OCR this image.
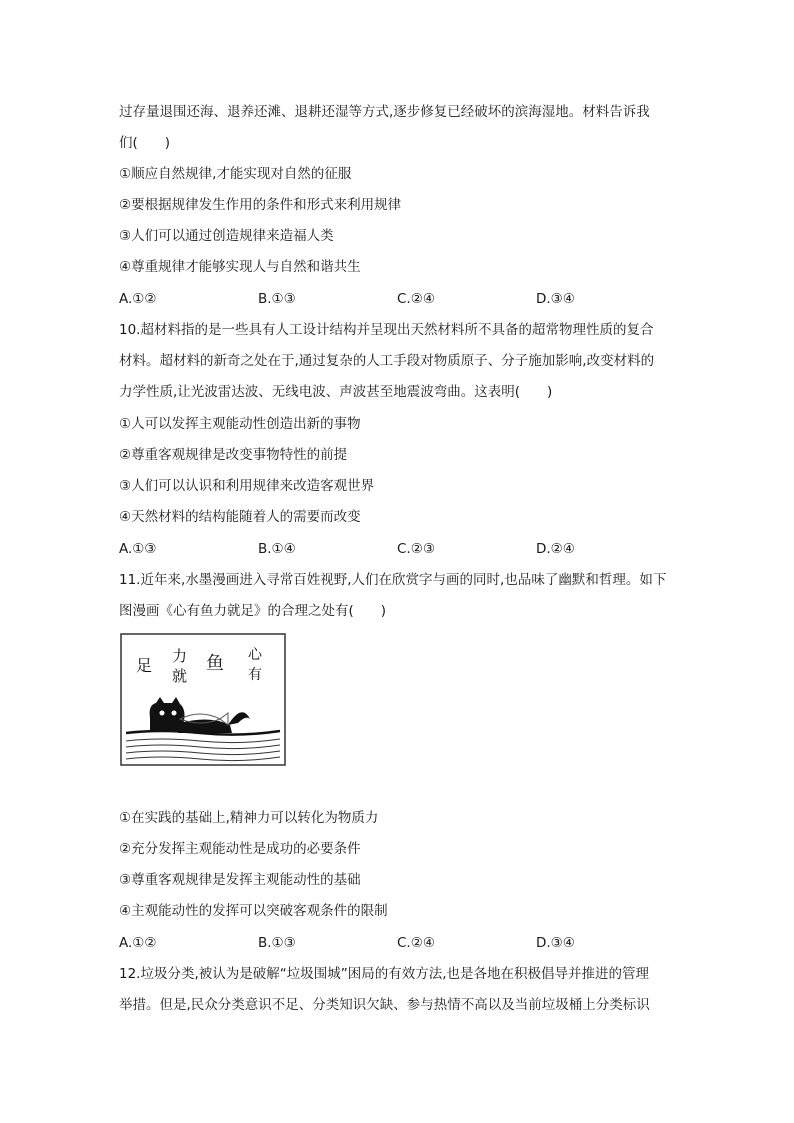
过存量退围还海、退养还滩、退耕还湿等方式,逐步修复已经破坏的滨海湿地。材料告诉我
们(　　)
①顺应自然规律,才能实现对自然的征服
②要根据规律发生作用的条件和形式来利用规律
③人们可以通过创造规律来造福人类
④尊重规律才能够实现人与自然和谐共生
A.①②	B.①③	C.②④	D.③④
10.超材料指的是一些具有人工设计结构并呈现出天然材料所不具备的超常物理性质的复合
材料。超材料的新奇之处在于,通过复杂的人工手段对物质原子、分子施加影响,改变材料的
力学性质,让光波雷达波、无线电波、声波甚至地震波弯曲。这表明(　　)
①人可以发挥主观能动性创造出新的事物
②尊重客观规律是改变事物特性的前提
③人们可以认识和利用规律来改造客观世界
④天然材料的结构能随着人的需要而改变
A.①③	B.①④	C.②③	D.②④
11.近年来,水墨漫画进入寻常百姓视野,人们在欣赏字与画的同时,也品味了幽默和哲理。如下
图漫画《心有鱼力就足》的合理之处有(　　)
足 力
就
鱼 心
有
①在实践的基础上,精神力可以转化为物质力
②充分发挥主观能动性是成功的必要条件
③尊重客观规律是发挥主观能动性的基础
④主观能动性的发挥可以突破客观条件的限制
A.①②	B.①③	C.②④	D.③④
12.垃圾分类,被认为是破解“垃圾围城”困局的有效方法,也是各地在积极倡导并推进的管理
举措。但是,民众分类意识不足、分类知识欠缺、参与热情不高以及当前垃圾桶上分类标识
